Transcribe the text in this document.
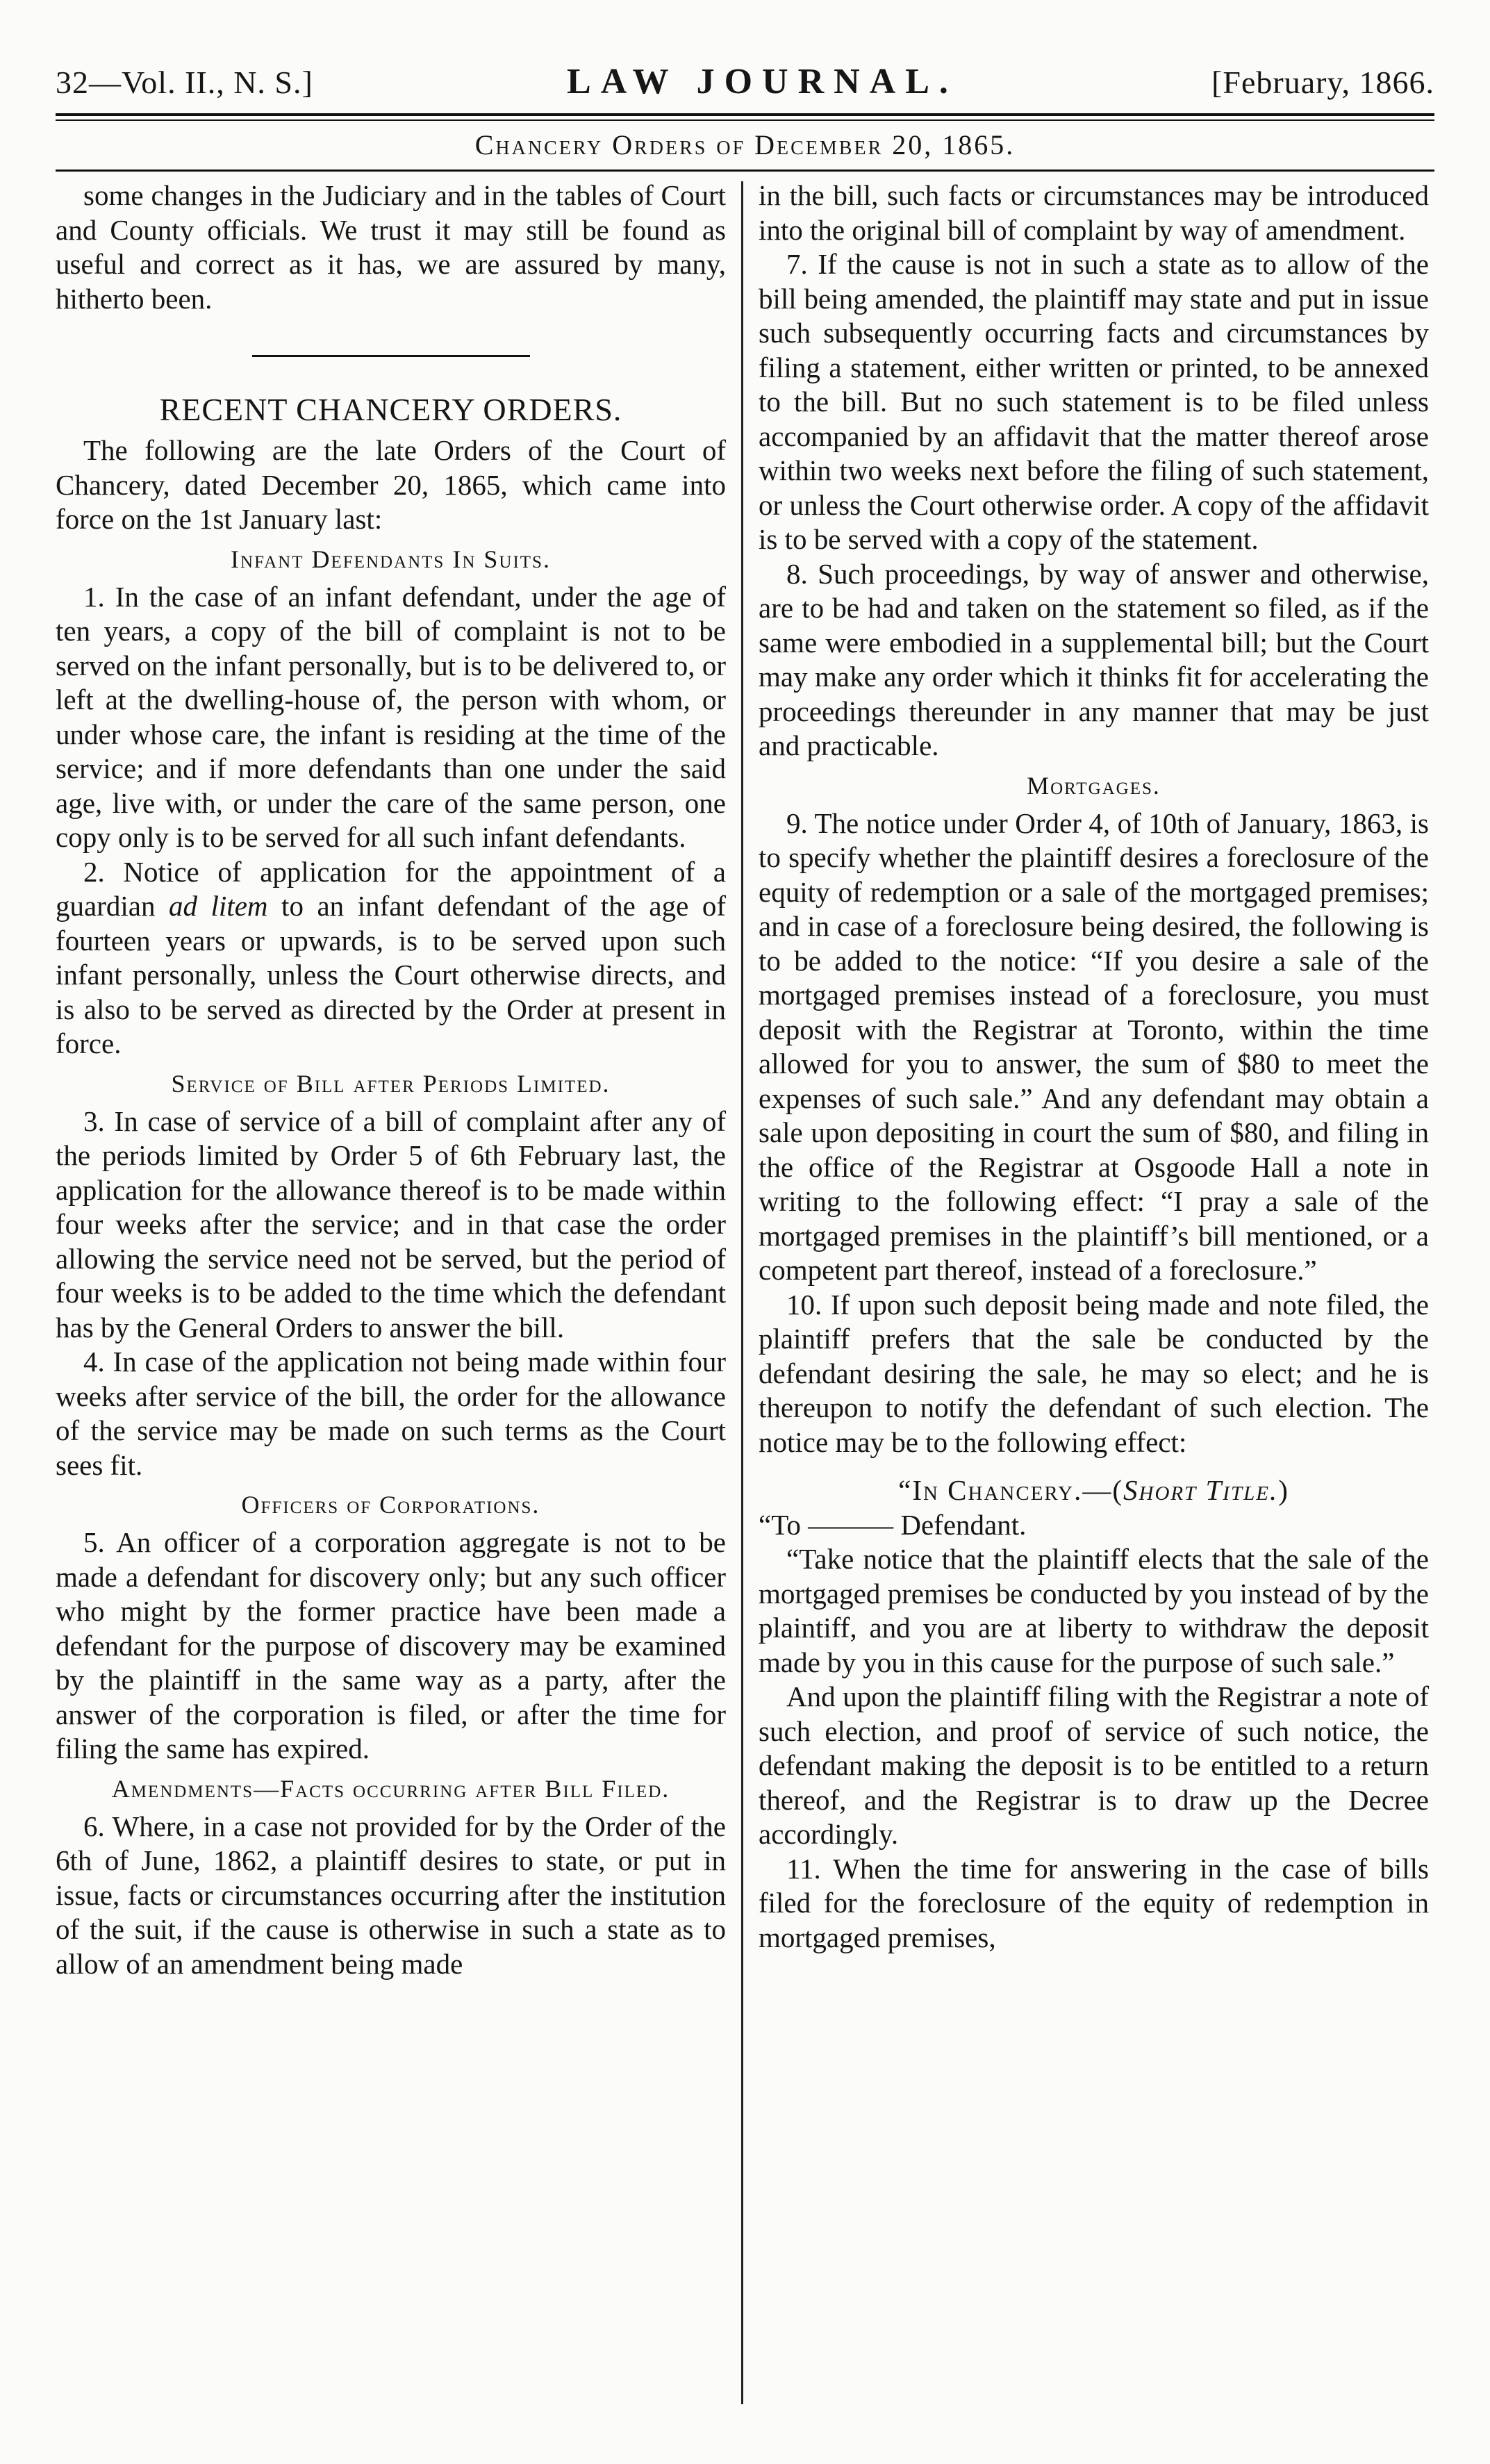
32—Vol. II., N. S.]	LAW JOURNAL.	[February, 1866.
Chancery Orders of December 20, 1865.

some changes in the Judiciary and in the tables of Court and County officials. We trust it may still be found as useful and correct as it has, we are assured by many, hitherto been.

RECENT CHANCERY ORDERS.

The following are the late Orders of the Court of Chancery, dated December 20, 1865, which came into force on the 1st January last:

Infant Defendants In Suits.

1. In the case of an infant defendant, under the age of ten years, a copy of the bill of complaint is not to be served on the infant personally, but is to be delivered to, or left at the dwelling-house of, the person with whom, or under whose care, the infant is residing at the time of the service; and if more defendants than one under the said age, live with, or under the care of the same person, one copy only is to be served for all such infant defendants.

2. Notice of application for the appointment of a guardian ad litem to an infant defendant of the age of fourteen years or upwards, is to be served upon such infant personally, unless the Court otherwise directs, and is also to be served as directed by the Order at present in force.

Service of Bill after Periods Limited.

3. In case of service of a bill of complaint after any of the periods limited by Order 5 of 6th February last, the application for the allowance thereof is to be made within four weeks after the service; and in that case the order allowing the service need not be served, but the period of four weeks is to be added to the time which the defendant has by the General Orders to answer the bill.

4. In case of the application not being made within four weeks after service of the bill, the order for the allowance of the service may be made on such terms as the Court sees fit.

Officers of Corporations.

5. An officer of a corporation aggregate is not to be made a defendant for discovery only; but any such officer who might by the former practice have been made a defendant for the purpose of discovery may be examined by the plaintiff in the same way as a party, after the answer of the corporation is filed, or after the time for filing the same has expired.

Amendments—Facts occurring after Bill Filed.

6. Where, in a case not provided for by the Order of the 6th of June, 1862, a plaintiff desires to state, or put in issue, facts or circumstances occurring after the institution of the suit, if the cause is otherwise in such a state as to allow of an amendment being made

in the bill, such facts or circumstances may be introduced into the original bill of complaint by way of amendment.

7. If the cause is not in such a state as to allow of the bill being amended, the plaintiff may state and put in issue such subsequently occurring facts and circumstances by filing a statement, either written or printed, to be annexed to the bill. But no such statement is to be filed unless accompanied by an affidavit that the matter thereof arose within two weeks next before the filing of such statement, or unless the Court otherwise order. A copy of the affidavit is to be served with a copy of the statement.

8. Such proceedings, by way of answer and otherwise, are to be had and taken on the statement so filed, as if the same were embodied in a supplemental bill; but the Court may make any order which it thinks fit for accelerating the proceedings thereunder in any manner that may be just and practicable.

Mortgages.

9. The notice under Order 4, of 10th of January, 1863, is to specify whether the plaintiff desires a foreclosure of the equity of redemption or a sale of the mortgaged premises; and in case of a foreclosure being desired, the following is to be added to the notice: “If you desire a sale of the mortgaged premises instead of a foreclosure, you must deposit with the Registrar at Toronto, within the time allowed for you to answer, the sum of $80 to meet the expenses of such sale.” And any defendant may obtain a sale upon depositing in court the sum of $80, and filing in the office of the Registrar at Osgoode Hall a note in writing to the following effect: “I pray a sale of the mortgaged premises in the plaintiff’s bill mentioned, or a competent part thereof, instead of a foreclosure.”

10. If upon such deposit being made and note filed, the plaintiff prefers that the sale be conducted by the defendant desiring the sale, he may so elect; and he is thereupon to notify the defendant of such election. The notice may be to the following effect:

“In Chancery.—(Short Title.)

“To ——— Defendant.

“Take notice that the plaintiff elects that the sale of the mortgaged premises be conducted by you instead of by the plaintiff, and you are at liberty to withdraw the deposit made by you in this cause for the purpose of such sale.”

And upon the plaintiff filing with the Registrar a note of such election, and proof of service of such notice, the defendant making the deposit is to be entitled to a return thereof, and the Registrar is to draw up the Decree accordingly.

11. When the time for answering in the case of bills filed for the foreclosure of the equity of redemption in mortgaged premises,
